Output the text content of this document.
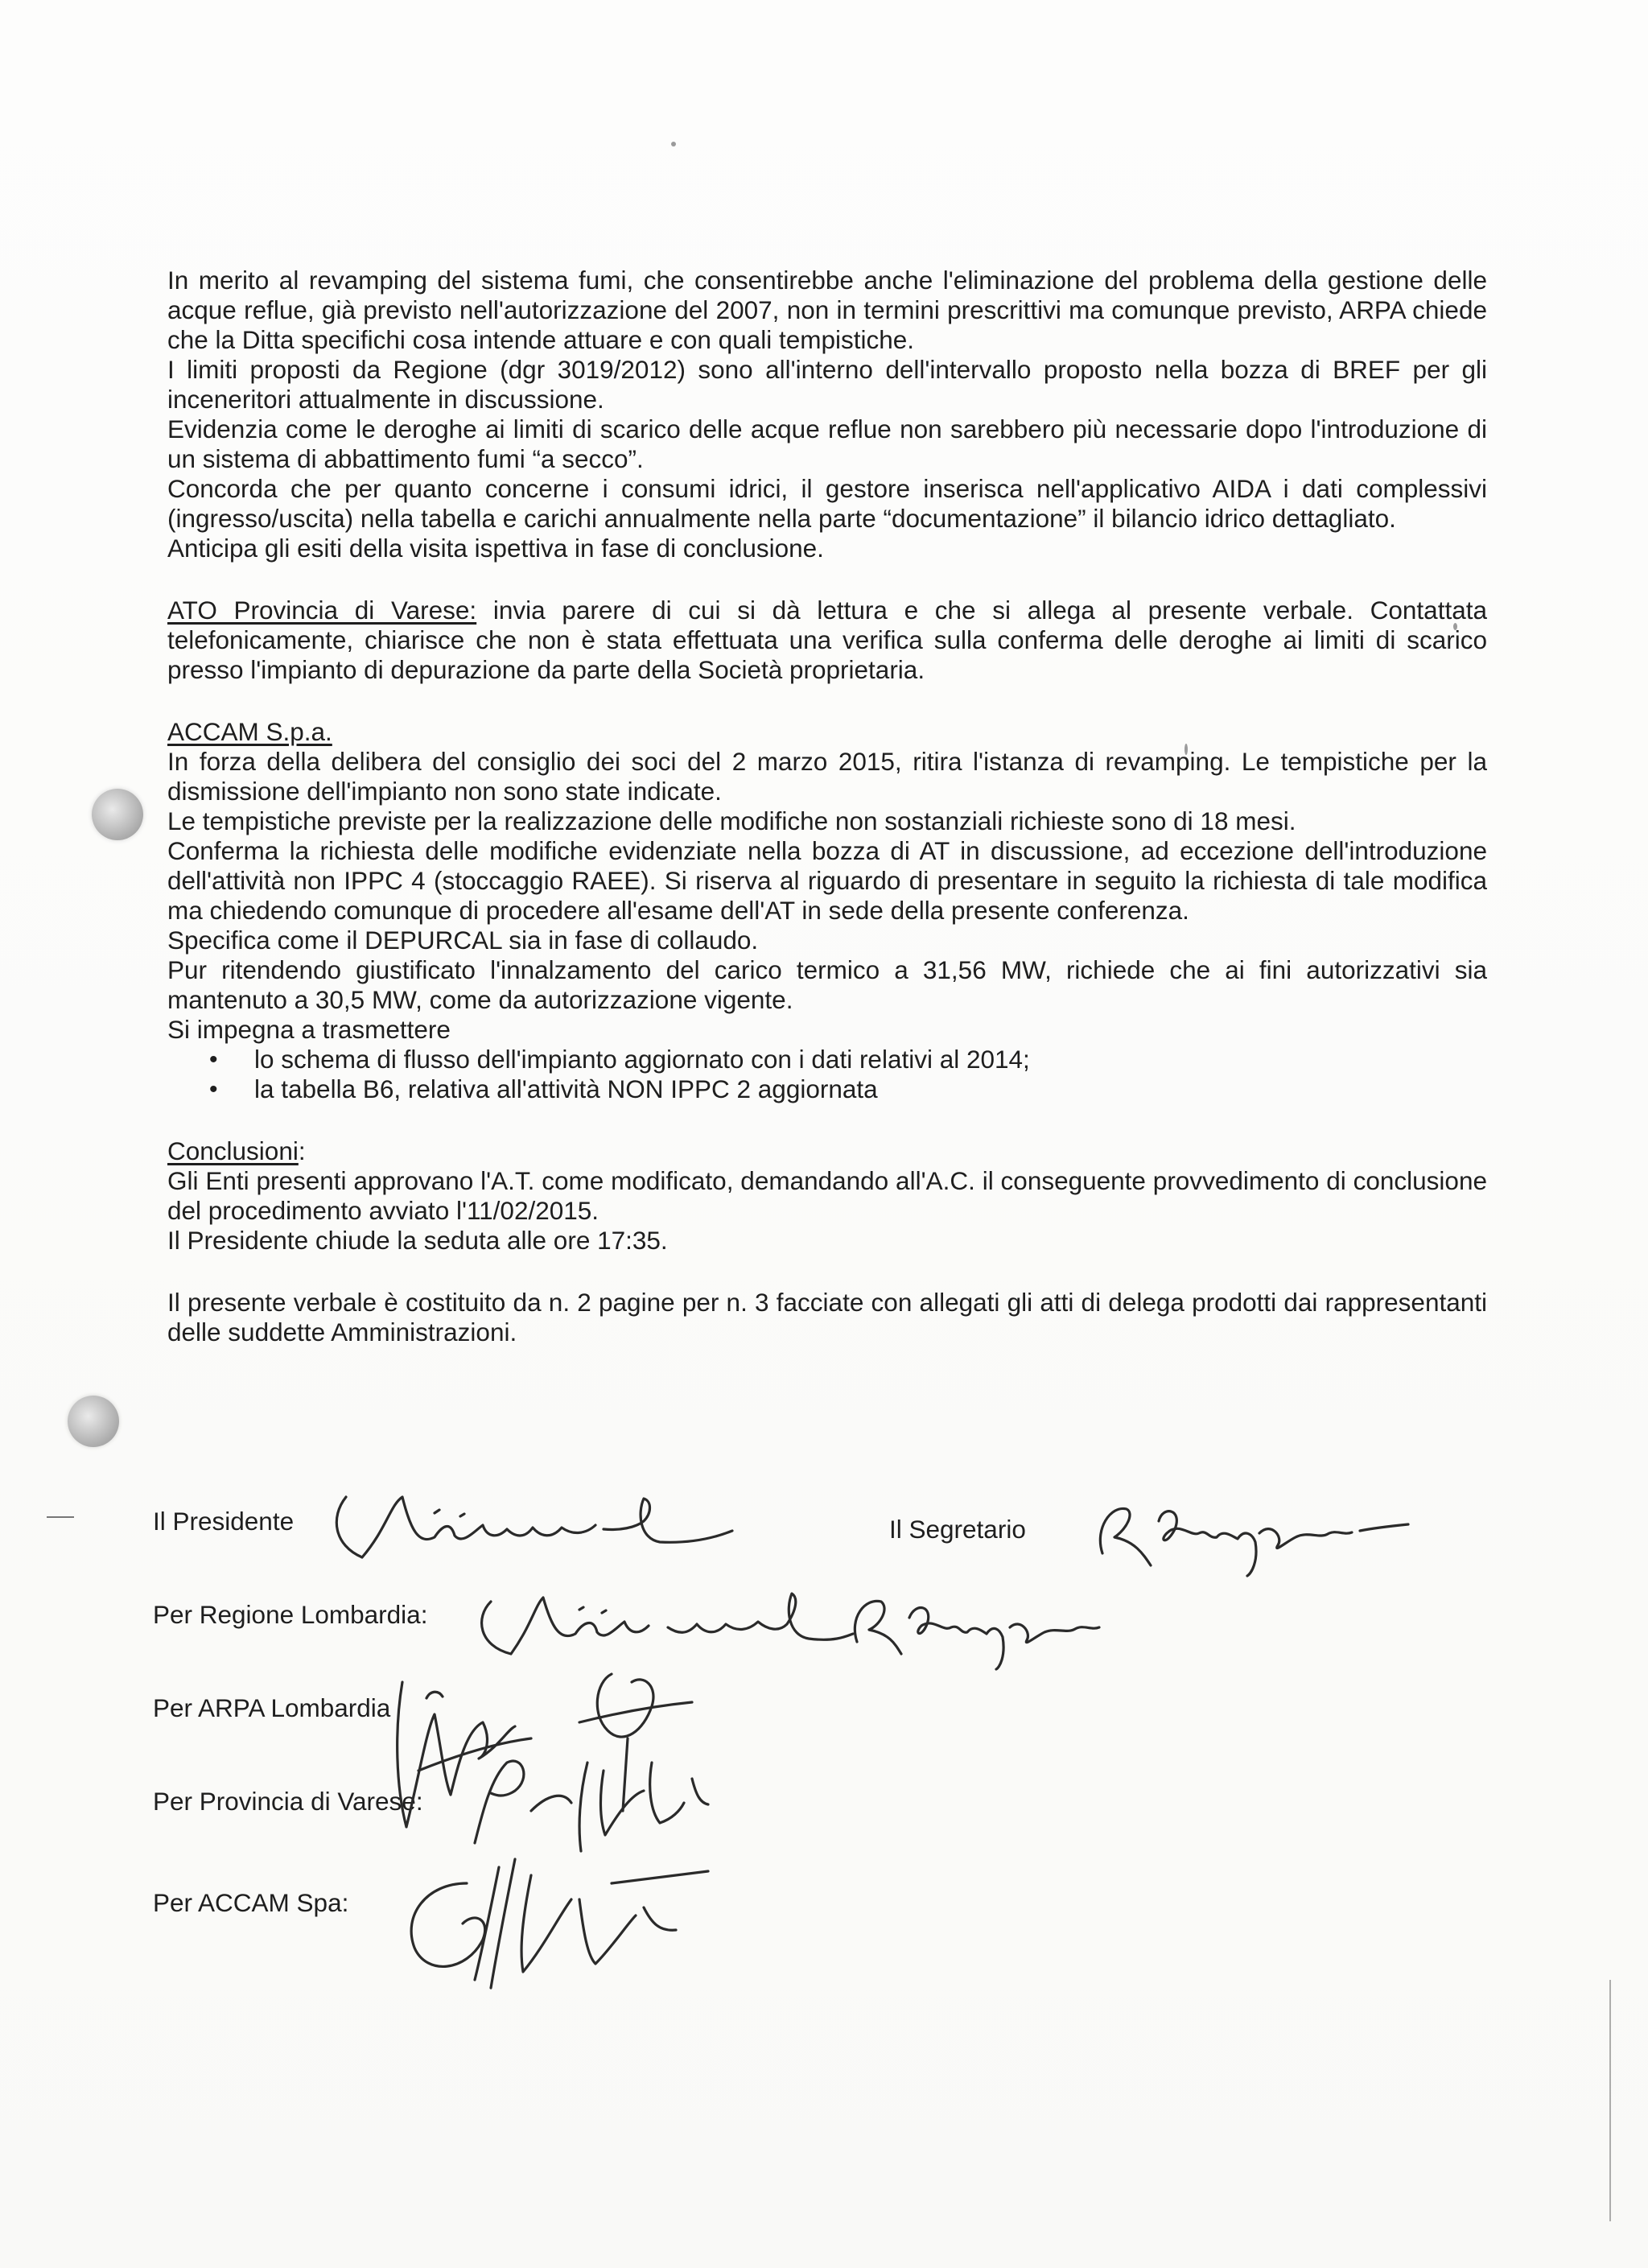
In merito al revamping del sistema fumi, che consentirebbe anche l'eliminazione del problema della gestione delle acque reflue, già previsto nell'autorizzazione del 2007, non in termini prescrittivi ma comunque previsto, ARPA chiede che la Ditta specifichi cosa intende attuare e con quali tempistiche.

I limiti proposti da Regione (dgr 3019/2012) sono all'interno dell'intervallo proposto nella bozza di BREF per gli inceneritori attualmente in discussione.

Evidenzia come le deroghe ai limiti di scarico delle acque reflue non sarebbero più necessarie dopo l'introduzione di un sistema di abbattimento fumi “a secco”.

Concorda che per quanto concerne i consumi idrici, il gestore inserisca nell'applicativo AIDA i dati complessivi (ingresso/uscita) nella tabella e carichi annualmente nella parte “documentazione” il bilancio idrico dettagliato.

Anticipa gli esiti della visita ispettiva in fase di conclusione.

ATO Provincia di Varese: invia parere di cui si dà lettura e che si allega al presente verbale. Contattata telefonicamente, chiarisce che non è stata effettuata una verifica sulla conferma delle deroghe ai limiti di scarico presso l'impianto di depurazione da parte della Società proprietaria.

ACCAM S.p.a.

In forza della delibera del consiglio dei soci del 2 marzo 2015, ritira l'istanza di revamping. Le tempistiche per la dismissione dell'impianto non sono state indicate.

Le tempistiche previste per la realizzazione delle modifiche non sostanziali richieste sono di 18 mesi.

Conferma la richiesta delle modifiche evidenziate nella bozza di AT in discussione, ad eccezione dell'introduzione dell'attività non IPPC 4 (stoccaggio RAEE). Si riserva al riguardo di presentare in seguito la richiesta di tale modifica ma chiedendo comunque di procedere all'esame dell'AT in sede della presente conferenza.

Specifica come il DEPURCAL sia in fase di collaudo.

Pur ritendendo giustificato l'innalzamento del carico termico a 31,56 MW, richiede che ai fini autorizzativi sia mantenuto a 30,5 MW, come da autorizzazione vigente.

Si impegna a trasmettere

• lo schema di flusso dell'impianto aggiornato con i dati relativi al 2014;
• la tabella B6, relativa all'attività NON IPPC 2 aggiornata

Conclusioni:

Gli Enti presenti approvano l'A.T. come modificato, demandando all'A.C. il conseguente provvedimento di conclusione del procedimento avviato l'11/02/2015.

Il Presidente chiude la seduta alle ore 17:35.

Il presente verbale è costituito da n. 2 pagine per n. 3 facciate con allegati gli atti di delega prodotti dai rappresentanti delle suddette Amministrazioni.

Il Presidente	Il Segretario
Per Regione Lombardia:
Per ARPA Lombardia
Per Provincia di Varese:
Per ACCAM Spa:
